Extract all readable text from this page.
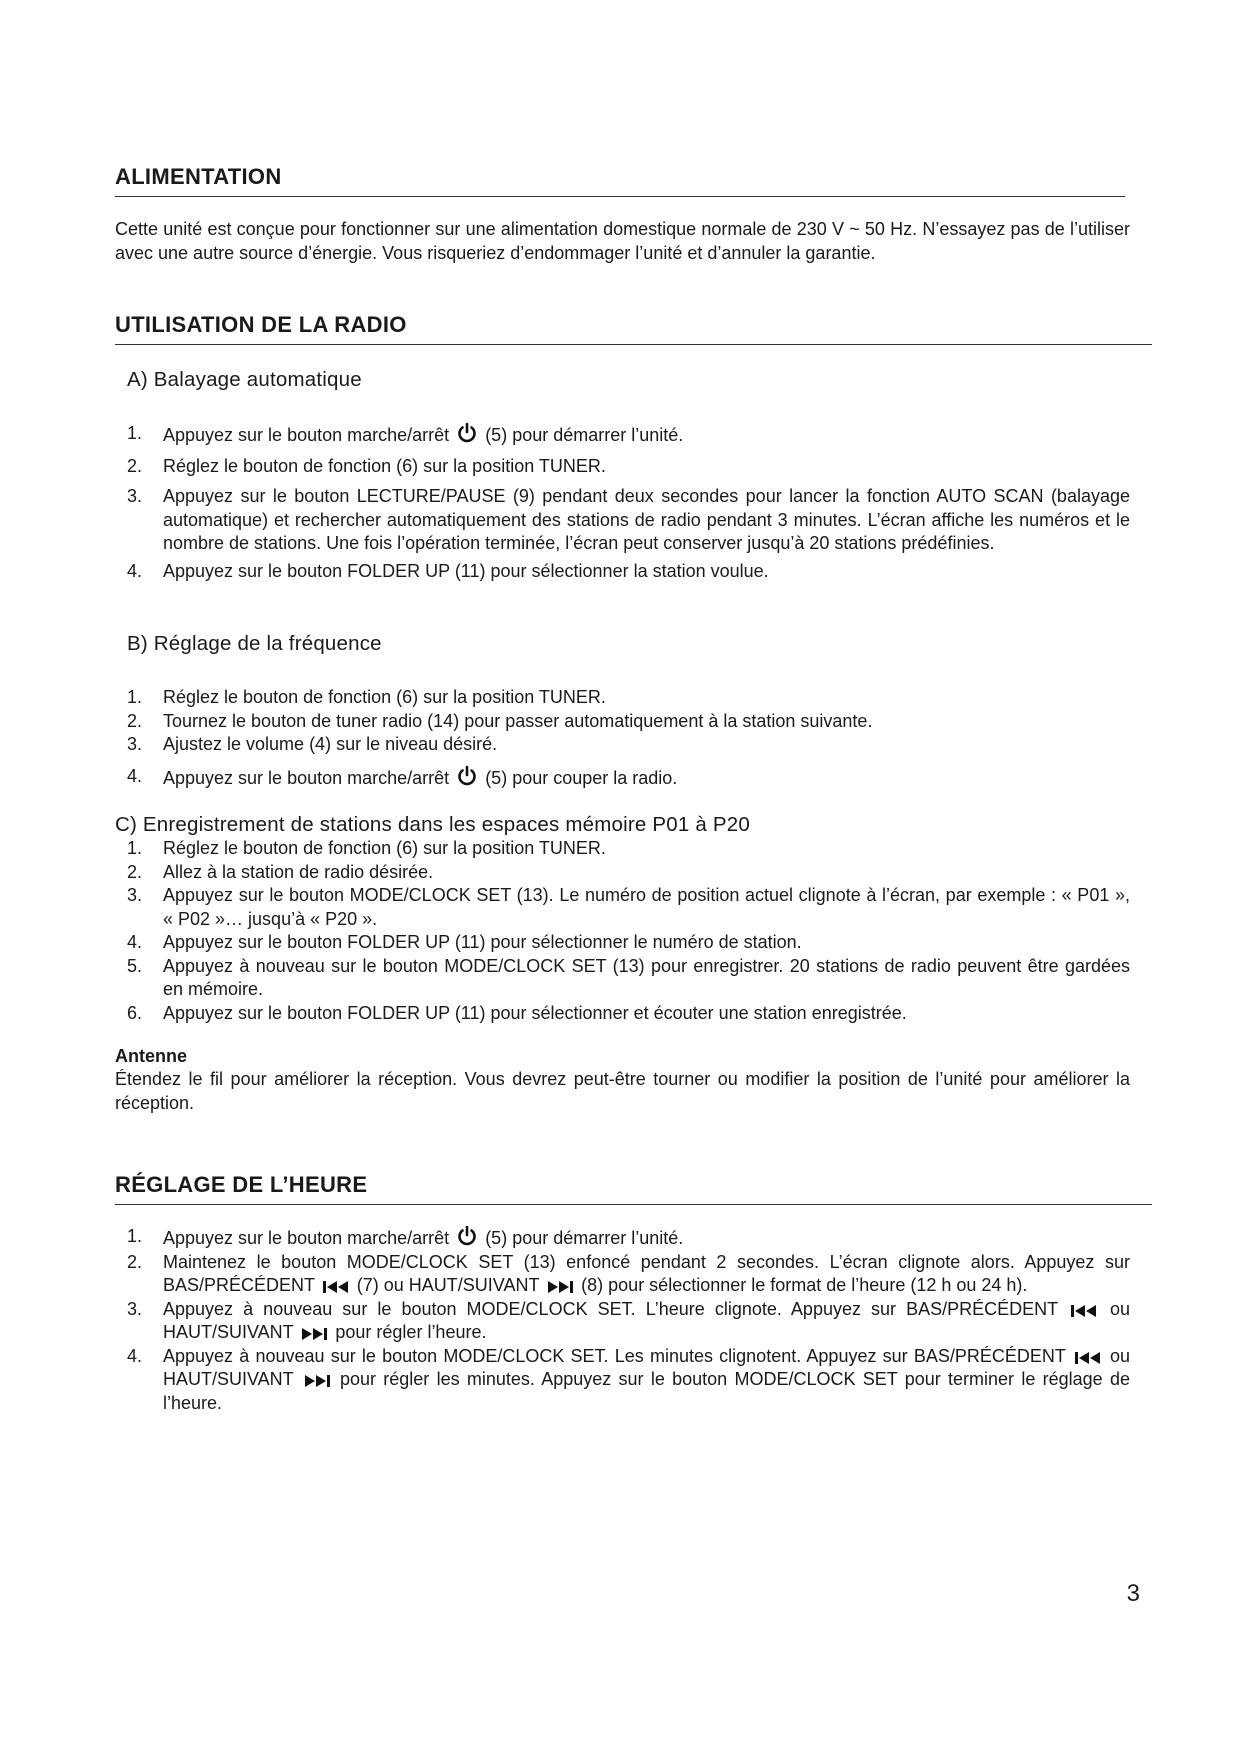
ALIMENTATION
Cette unité est conçue pour fonctionner sur une alimentation domestique normale de 230 V ~ 50 Hz. N’essayez pas de l’utiliser avec une autre source d’énergie. Vous risqueriez d’endommager l’unité et d’annuler la garantie.
UTILISATION DE LA RADIO
A) Balayage automatique
1. Appuyez sur le bouton marche/arrêt (5) pour démarrer l’unité.
2. Réglez le bouton de fonction (6) sur la position TUNER.
3. Appuyez sur le bouton LECTURE/PAUSE (9) pendant deux secondes pour lancer la fonction AUTO SCAN (balayage automatique) et rechercher automatiquement des stations de radio pendant 3 minutes. L’écran affiche les numéros et le nombre de stations. Une fois l’opération terminée, l’écran peut conserver jusqu’à 20 stations prédéfinies.
4. Appuyez sur le bouton FOLDER UP (11) pour sélectionner la station voulue.
B) Réglage de la fréquence
1. Réglez le bouton de fonction (6) sur la position TUNER.
2. Tournez le bouton de tuner radio (14) pour passer automatiquement à la station suivante.
3. Ajustez le volume (4) sur le niveau désiré.
4. Appuyez sur le bouton marche/arrêt (5) pour couper la radio.
C) Enregistrement de stations dans les espaces mémoire P01 à P20
1. Réglez le bouton de fonction (6) sur la position TUNER.
2. Allez à la station de radio désirée.
3. Appuyez sur le bouton MODE/CLOCK SET (13). Le numéro de position actuel clignote à l’écran, par exemple : « P01 », « P02 »… jusqu’à « P20 ».
4. Appuyez sur le bouton FOLDER UP (11) pour sélectionner le numéro de station.
5. Appuyez à nouveau sur le bouton MODE/CLOCK SET (13) pour enregistrer. 20 stations de radio peuvent être gardées en mémoire.
6. Appuyez sur le bouton FOLDER UP (11) pour sélectionner et écouter une station enregistrée.
Antenne
Étendez le fil pour améliorer la réception. Vous devrez peut-être tourner ou modifier la position de l’unité pour améliorer la réception.
RÉGLAGE DE L’HEURE
1. Appuyez sur le bouton marche/arrêt (5) pour démarrer l’unité.
2. Maintenez le bouton MODE/CLOCK SET (13) enfoncé pendant 2 secondes. L’écran clignote alors. Appuyez sur BAS/PRÉCÉDENT (7) ou HAUT/SUIVANT (8) pour sélectionner le format de l’heure (12 h ou 24 h).
3. Appuyez à nouveau sur le bouton MODE/CLOCK SET. L’heure clignote. Appuyez sur BAS/PRÉCÉDENT	ou HAUT/SUIVANT pour régler l’heure.
4. Appuyez à nouveau sur le bouton MODE/CLOCK SET. Les minutes clignotent. Appuyez sur BAS/PRÉCÉDENT ou HAUT/SUIVANT	pour régler les minutes. Appuyez sur le bouton MODE/CLOCK SET pour terminer le réglage de l’heure.
3
